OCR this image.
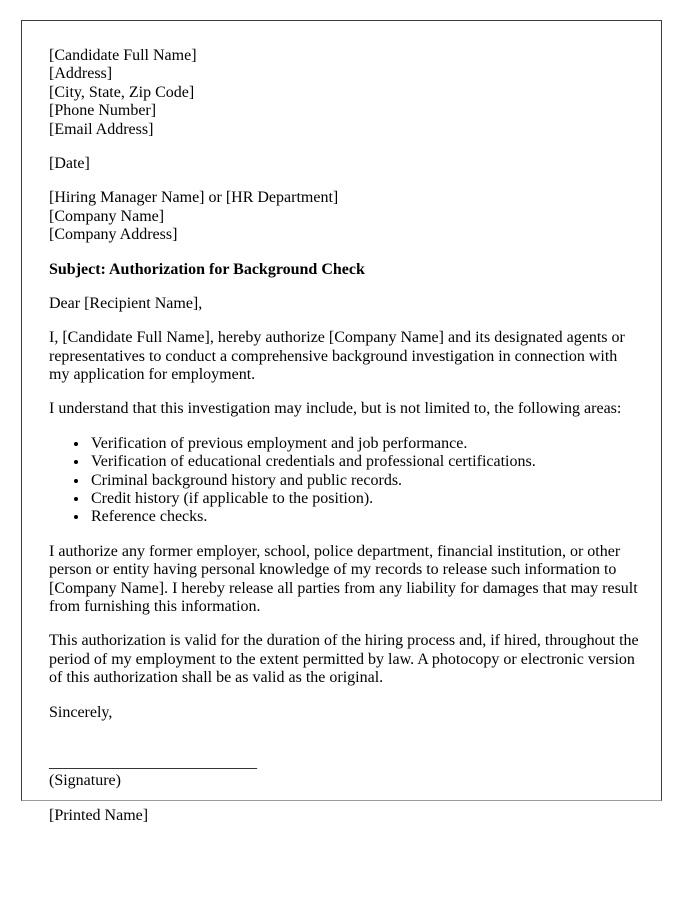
[Candidate Full Name]
[Address]
[City, State, Zip Code]
[Phone Number]
[Email Address]
[Date]
[Hiring Manager Name] or [HR Department]
[Company Name]
[Company Address]
Subject: Authorization for Background Check
Dear [Recipient Name],

I, [Candidate Full Name], hereby authorize [Company Name] and its designated agents or representatives to conduct a comprehensive background investigation in connection with my application for employment.

I understand that this investigation may include, but is not limited to, the following areas:

• Verification of previous employment and job performance.
• Verification of educational credentials and professional certifications.
• Criminal background history and public records.
• Credit history (if applicable to the position).
• Reference checks.

I authorize any former employer, school, police department, financial institution, or other person or entity having personal knowledge of my records to release such information to [Company Name]. I hereby release all parties from any liability for damages that may result from furnishing this information.

This authorization is valid for the duration of the hiring process and, if hired, throughout the period of my employment to the extent permitted by law. A photocopy or electronic version of this authorization shall be as valid as the original.

Sincerely,
__________________________
(Signature)
[Printed Name]
